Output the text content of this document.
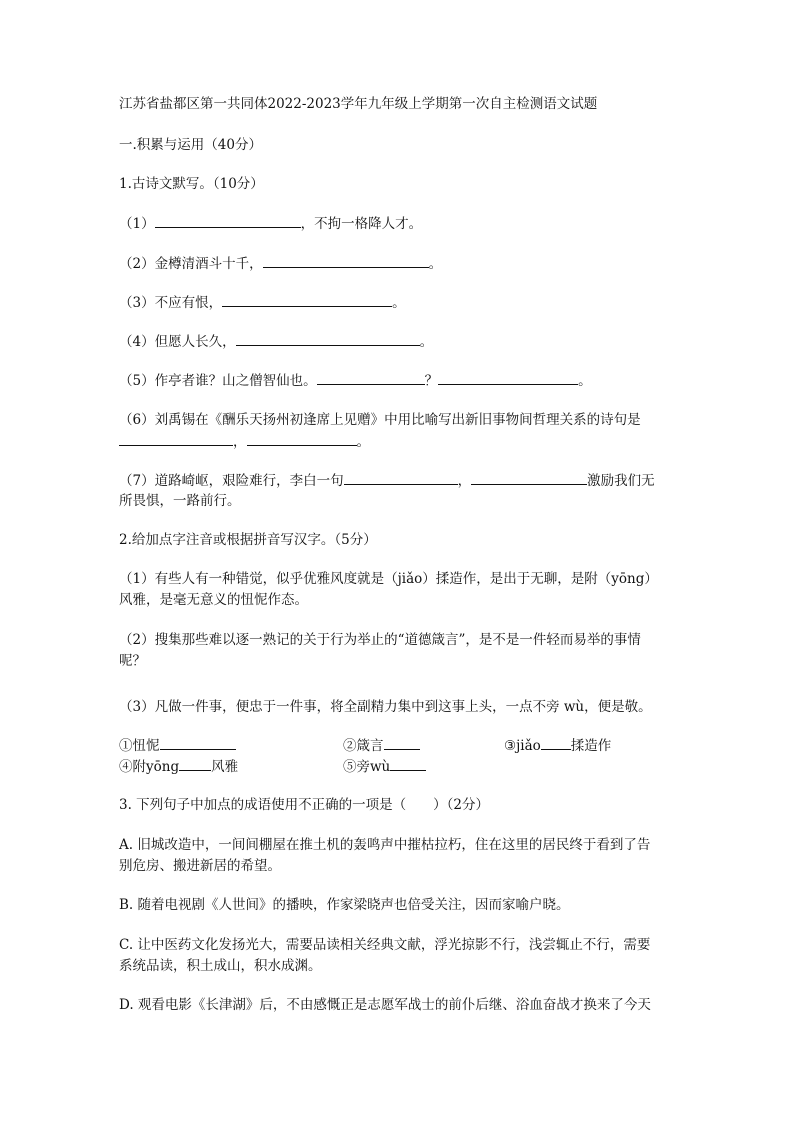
江苏省盐都区第一共同体2022-2023学年九年级上学期第一次自主检测语文试题
一.积累与运用（40分）
1.古诗文默写。（10分）
（1）	，不拘一格降人才。
（2）金樽清酒斗十千，	。
（3）不应有恨，	。
（4）但愿人长久，	。
（5）作亭者谁？山之僧智仙也。	？	。
（6）刘禹锡在《酬乐天扬州初逢席上见赠》中用比喻写出新旧事物间哲理关系的诗句是
，	。
（7）道路崎岖，艰险难行，李白一句	，	激励我们无
所畏惧，一路前行。
2.给加点字注音或根据拼音写汉字。（5分）
（1）有些人有一种错觉，似乎优雅风度就是（jiǎo）揉造作，是出于无聊，是附（yōng）
风雅，是毫无意义的忸怩作态。
（2）搜集那些难以逐一熟记的关于行为举止的“道德箴言”，是不是一件轻而易举的事情
呢？
（3）凡做一件事，便忠于一件事，将全副精力集中到这事上头，一点不旁 wù，便是敬。
①忸怩	②箴言	③jiǎo 揉造作
④附yōng 风雅	⑤旁wù
3. 下列句子中加点的成语使用不正确的一项是（　　）（2分）
A. 旧城改造中，一间间棚屋在推土机的轰鸣声中摧枯拉朽，住在这里的居民终于看到了告
别危房、搬进新居的希望。
B. 随着电视剧《人世间》的播映，作家梁晓声也倍受关注，因而家喻户晓。
C. 让中医药文化发扬光大，需要品读相关经典文献，浮光掠影不行，浅尝辄止不行，需要
系统品读，积土成山，积水成渊。
D. 观看电影《长津湖》后，不由感慨正是志愿军战士的前仆后继、浴血奋战才换来了今天
